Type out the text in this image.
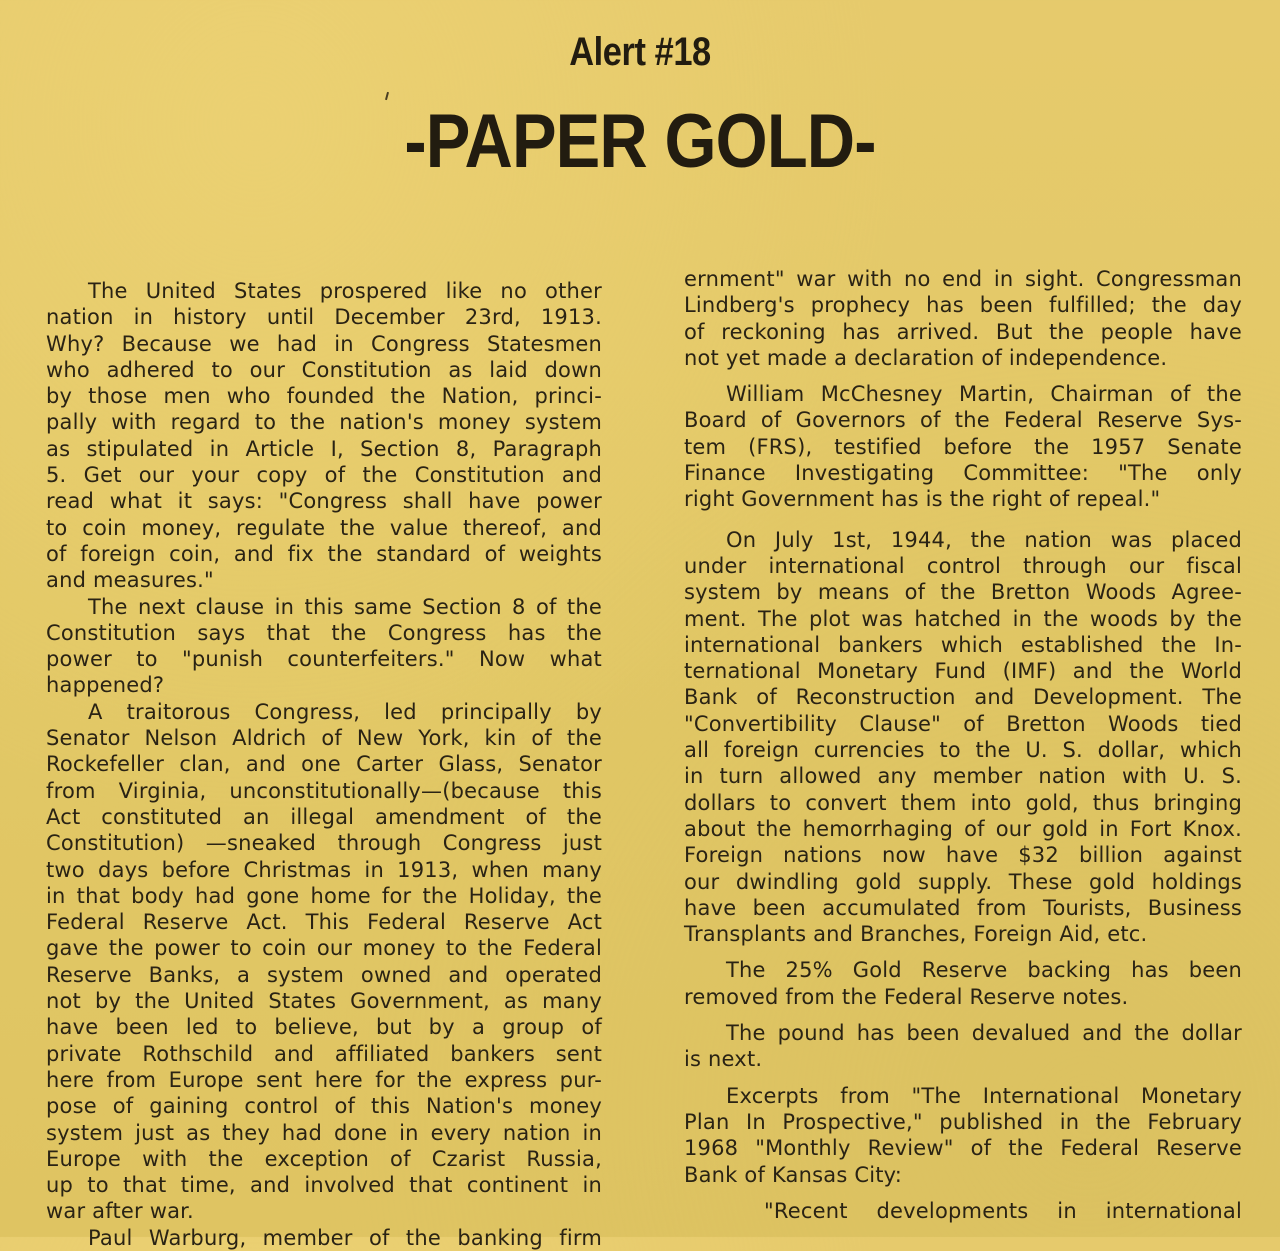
Alert #18
-PAPER GOLD-
The United States prospered like no other
nation in history until December 23rd, 1913.
Why? Because we had in Congress Statesmen
who adhered to our Constitution as laid down
by those men who founded the Nation, princi-
pally with regard to the nation's money system
as stipulated in Article I, Section 8, Paragraph
5. Get our your copy of the Constitution and
read what it says: "Congress shall have power
to coin money, regulate the value thereof, and
of foreign coin, and fix the standard of weights
and measures."
The next clause in this same Section 8 of the
Constitution says that the Congress has the
power to "punish counterfeiters." Now what
happened?
A traitorous Congress, led principally by
Senator Nelson Aldrich of New York, kin of the
Rockefeller clan, and one Carter Glass, Senator
from Virginia, unconstitutionally—(because this
Act constituted an illegal amendment of the
Constitution) —sneaked through Congress just
two days before Christmas in 1913, when many
in that body had gone home for the Holiday, the
Federal Reserve Act. This Federal Reserve Act
gave the power to coin our money to the Federal
Reserve Banks, a system owned and operated
not by the United States Government, as many
have been led to believe, but by a group of
private Rothschild and affiliated bankers sent
here from Europe sent here for the express pur-
pose of gaining control of this Nation's money
system just as they had done in every nation in
Europe with the exception of Czarist Russia,
up to that time, and involved that continent in
war after war.
Paul Warburg, member of the banking firm
ernment" war with no end in sight. Congressman
Lindberg's prophecy has been fulfilled; the day
of reckoning has arrived. But the people have
not yet made a declaration of independence.
William McChesney Martin, Chairman of the
Board of Governors of the Federal Reserve Sys-
tem (FRS), testified before the 1957 Senate
Finance Investigating Committee: "The only
right Government has is the right of repeal."
On July 1st, 1944, the nation was placed
under international control through our fiscal
system by means of the Bretton Woods Agree-
ment. The plot was hatched in the woods by the
international bankers which established the In-
ternational Monetary Fund (IMF) and the World
Bank of Reconstruction and Development. The
"Convertibility Clause" of Bretton Woods tied
all foreign currencies to the U. S. dollar, which
in turn allowed any member nation with U. S.
dollars to convert them into gold, thus bringing
about the hemorrhaging of our gold in Fort Knox.
Foreign nations now have $32 billion against
our dwindling gold supply. These gold holdings
have been accumulated from Tourists, Business
Transplants and Branches, Foreign Aid, etc.
The 25% Gold Reserve backing has been
removed from the Federal Reserve notes.
The pound has been devalued and the dollar
is next.
Excerpts from "The International Monetary
Plan In Prospective," published in the February
1968 "Monthly Review" of the Federal Reserve
Bank of Kansas City:
"Recent developments in international
